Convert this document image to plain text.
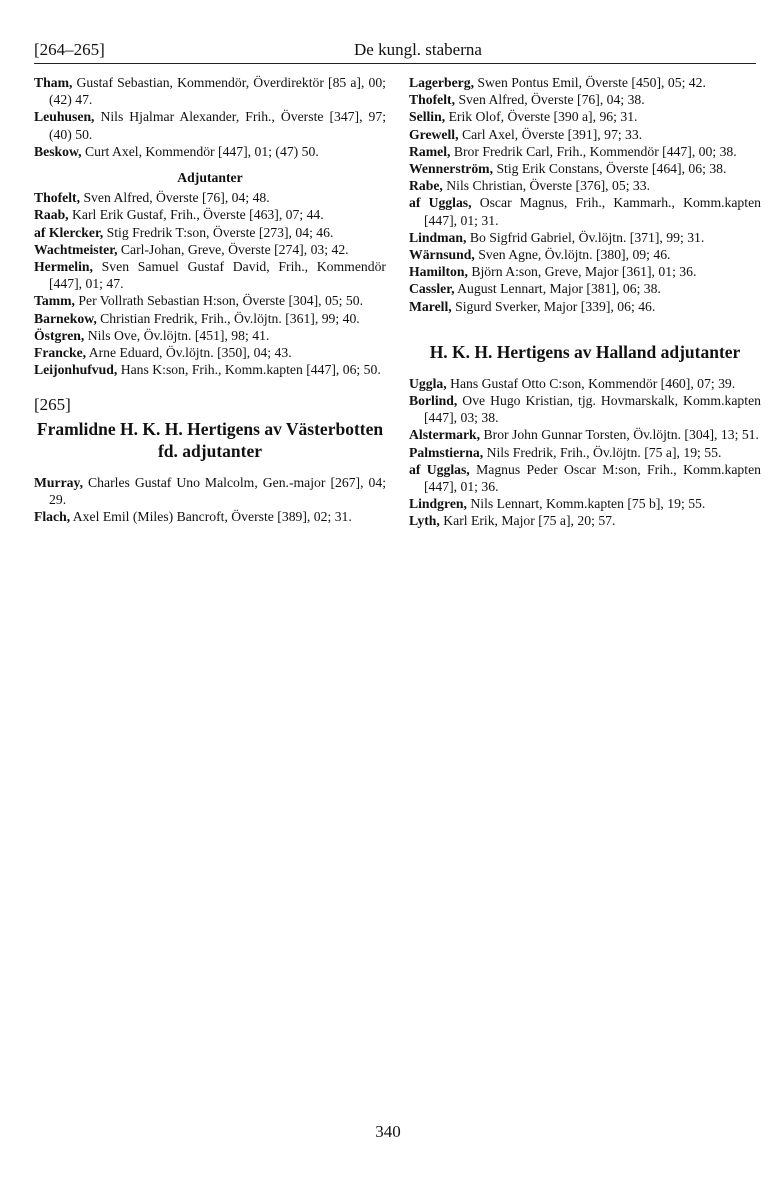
[264–265]	De kungl. staberna

Tham, Gustaf Sebastian, Kommendör, Överdirektör [85 a], 00; (42) 47.

Leuhusen, Nils Hjalmar Alexander, Frih., Överste [347], 97; (40) 50.

Beskow, Curt Axel, Kommendör [447], 01; (47) 50.

Adjutanter

Thofelt, Sven Alfred, Överste [76], 04; 48.

Raab, Karl Erik Gustaf, Frih., Överste [463], 07; 44.

af Klercker, Stig Fredrik T:son, Överste [273], 04; 46.

Wachtmeister, Carl-Johan, Greve, Överste [274], 03; 42.

Hermelin, Sven Samuel Gustaf David, Frih., Kommendör [447], 01; 47.

Tamm, Per Vollrath Sebastian H:son, Överste [304], 05; 50.

Barnekow, Christian Fredrik, Frih., Öv.löjtn. [361], 99; 40.

Östgren, Nils Ove, Öv.löjtn. [451], 98; 41.

Francke, Arne Eduard, Öv.löjtn. [350], 04; 43.

Leijonhufvud, Hans K:son, Frih., Komm.kapten [447], 06; 50.

[265]
Framlidne H. K. H. Hertigens av Västerbotten fd. adjutanter

Murray, Charles Gustaf Uno Malcolm, Gen.-major [267], 04; 29.

Flach, Axel Emil (Miles) Bancroft, Överste [389], 02; 31.

Lagerberg, Swen Pontus Emil, Överste [450], 05; 42.

Thofelt, Sven Alfred, Överste [76], 04; 38.

Sellin, Erik Olof, Överste [390 a], 96; 31.

Grewell, Carl Axel, Överste [391], 97; 33.

Ramel, Bror Fredrik Carl, Frih., Kommendör [447], 00; 38.

Wennerström, Stig Erik Constans, Överste [464], 06; 38.

Rabe, Nils Christian, Överste [376], 05; 33.

af Ugglas, Oscar Magnus, Frih., Kammarh., Komm.kapten [447], 01; 31.

Lindman, Bo Sigfrid Gabriel, Öv.löjtn. [371], 99; 31.

Wärnsund, Sven Agne, Öv.löjtn. [380], 09; 46.

Hamilton, Björn A:son, Greve, Major [361], 01; 36.

Cassler, August Lennart, Major [381], 06; 38.

Marell, Sigurd Sverker, Major [339], 06; 46.

H. K. H. Hertigens av Halland adjutanter

Uggla, Hans Gustaf Otto C:son, Kommendör [460], 07; 39.

Borlind, Ove Hugo Kristian, tjg. Hovmarskalk, Komm.kapten [447], 03; 38.

Alstermark, Bror John Gunnar Torsten, Öv.löjtn. [304], 13; 51.

Palmstierna, Nils Fredrik, Frih., Öv.löjtn. [75 a], 19; 55.

af Ugglas, Magnus Peder Oscar M:son, Frih., Komm.kapten [447], 01; 36.

Lindgren, Nils Lennart, Komm.kapten [75 b], 19; 55.

Lyth, Karl Erik, Major [75 a], 20; 57.

340
